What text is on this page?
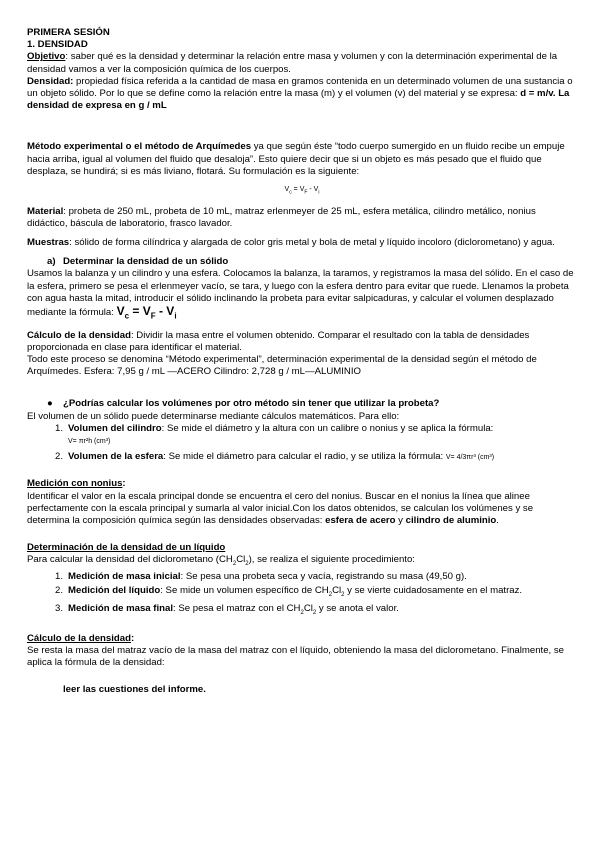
PRIMERA SESIÓN

1. DENSIDAD

Objetivo: saber qué es la densidad y determinar la relación entre masa y volumen y con la determinación experimental de la densidad vamos a ver la composición química de los cuerpos.

Densidad: propiedad física referida a la cantidad de masa en gramos contenida en un determinado volumen de una sustancia o un objeto sólido. Por lo que se define como la relación entre la masa (m) y el volumen (v) del material y se expresa: d = m/v. La densidad de expresa en g / mL

Método experimental o el método de Arquímedes ya que según éste “todo cuerpo sumergido en un fluido recibe un empuje hacia arriba, igual al volumen del fluido que desaloja”. Esto quiere decir que si un objeto es más pesado que el fluido que desplaza, se hundirá; si es más liviano, flotará. Su formulación es la siguiente:

$V_c = V_F - V_i$

Material: probeta de 250 mL, probeta de 10 mL, matraz erlenmeyer de 25 mL, esfera metálica, cilindro metálico, nonius didáctico, báscula de laboratorio, frasco lavador.

Muestras: sólido de forma cilíndrica y alargada de color gris metal y bola de metal y líquido incoloro (diclorometano) y agua.

a) Determinar la densidad de un sólido

Usamos la balanza y un cilindro y una esfera. Colocamos la balanza, la taramos, y registramos la masa del sólido. En el caso de la esfera, primero se pesa el erlenmeyer vacío, se tara, y luego con la esfera dentro para evitar que ruede. Llenamos la probeta con agua hasta la mitad, introducir el sólido inclinando la probeta para evitar salpicaduras, y calcular el volumen desplazado mediante la fórmula: $V_c = V_F - V_i$

Cálculo de la densidad: Dividir la masa entre el volumen obtenido. Comparar el resultado con la tabla de densidades proporcionada en clase para identificar el material.

Todo este proceso se denomina “Método experimental”, determinación experimental de la densidad según el método de Arquímedes. Esfera: 7,95 g / mL —ACERO Cilindro: 2,728 g / mL—ALUMINIO

●	¿Podrías calcular los volúmenes por otro método sin tener que utilizar la probeta?

El volumen de un sólido puede determinarse mediante cálculos matemáticos. Para ello:

1. Volumen del cilindro: Se mide el diámetro y la altura con un calibre o nonius y se aplica la fórmula:
V= πr²h (cm³)
2. Volumen de la esfera: Se mide el diámetro para calcular el radio, y se utiliza la fórmula: V= 4/3πr³ (cm³)

Medición con nonius:

Identificar el valor en la escala principal donde se encuentra el cero del nonius. Buscar en el nonius la línea que alinee perfectamente con la escala principal y sumarla al valor inicial.Con los datos obtenidos, se calculan los volúmenes y se determina la composición química según las densidades observadas: esfera de acero y cilindro de aluminio.

Determinación de la densidad de un líquido

Para calcular la densidad del diclorometano $(CH_2Cl_2)$, se realiza el siguiente procedimiento:

1. Medición de masa inicial: Se pesa una probeta seca y vacía, registrando su masa (49,50 g).
2. Medición del líquido: Se mide un volumen específico de $CH_2Cl_2$ y se vierte cuidadosamente en el matraz.
3. Medición de masa final: Se pesa el matraz con el $CH_2Cl_2$ y se anota el valor.

Cálculo de la densidad:

Se resta la masa del matraz vacío de la masa del matraz con el líquido, obteniendo la masa del diclorometano. Finalmente, se aplica la fórmula de la densidad:

leer las cuestiones del informe.
